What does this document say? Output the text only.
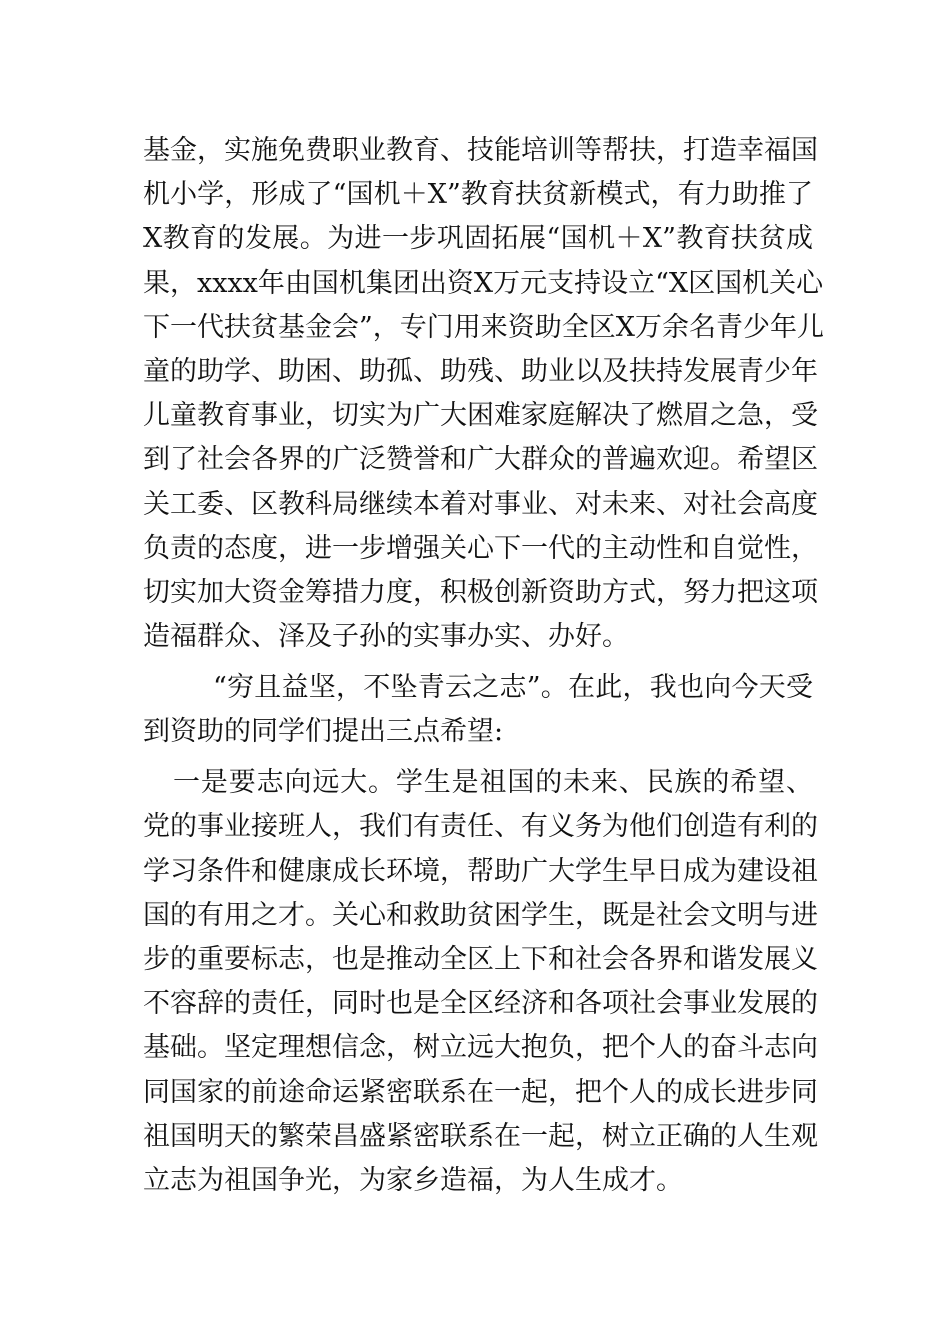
基金，实施免费职业教育、技能培训等帮扶，打造幸福国
机小学，形成了“国机＋X”教育扶贫新模式，有力助推了
X教育的发展。为进一步巩固拓展“国机＋X”教育扶贫成
果，xxxx年由国机集团出资X万元支持设立“X区国机关心
下一代扶贫基金会”，专门用来资助全区X万余名青少年儿
童的助学、助困、助孤、助残、助业以及扶持发展青少年
儿童教育事业，切实为广大困难家庭解决了燃眉之急，受
到了社会各界的广泛赞誉和广大群众的普遍欢迎。希望区
关工委、区教科局继续本着对事业、对未来、对社会高度
负责的态度，进一步增强关心下一代的主动性和自觉性，
切实加大资金筹措力度，积极创新资助方式，努力把这项
造福群众、泽及子孙的实事办实、办好。
“穷且益坚，不坠青云之志”。在此，我也向今天受
到资助的同学们提出三点希望:
一是要志向远大。学生是祖国的未来、民族的希望、
党的事业接班人，我们有责任、有义务为他们创造有利的
学习条件和健康成长环境，帮助广大学生早日成为建设祖
国的有用之才。关心和救助贫困学生，既是社会文明与进
步的重要标志，也是推动全区上下和社会各界和谐发展义
不容辞的责任，同时也是全区经济和各项社会事业发展的
基础。坚定理想信念，树立远大抱负，把个人的奋斗志向
同国家的前途命运紧密联系在一起，把个人的成长进步同
祖国明天的繁荣昌盛紧密联系在一起，树立正确的人生观
立志为祖国争光，为家乡造福，为人生成才。
